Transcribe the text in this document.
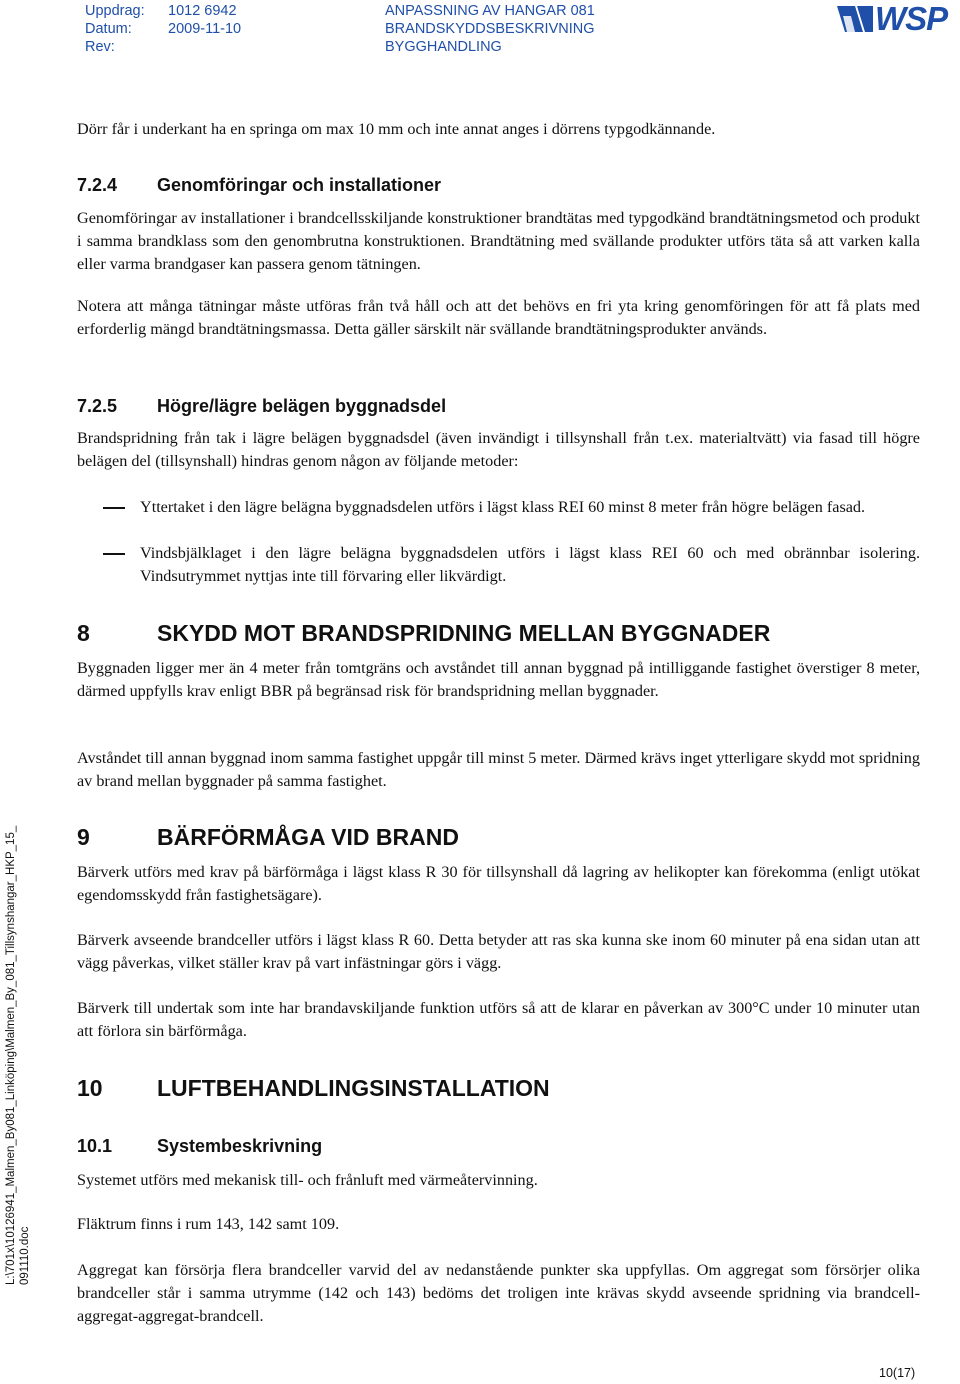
Uppdrag:
Datum:
Rev:
1012 6942
2009-11-10
ANPASSNING AV HANGAR 081
BRANDSKYDDSBESKRIVNING
BYGGHANDLING
WSP
L:\701x\10126941_Malmen_By081_Linköping\Malmen_By_081_Tillsynshangar_HKP_15_ 091110.doc

Dörr får i underkant ha en springa om max 10 mm och inte annat anges i dörrens typgodkännande.

7.2.4 Genomföringar och installationer

Genomföringar av installationer i brandcellsskiljande konstruktioner brandtätas med typgodkänd brandtätningsmetod och produkt i samma brandklass som den genombrutna konstruktionen. Brandtätning med svällande produkter utförs täta så att varken kalla eller varma brandgaser kan passera genom tätningen.

Notera att många tätningar måste utföras från två håll och att det behövs en fri yta kring genomföringen för att få plats med erforderlig mängd brandtätningsmassa. Detta gäller särskilt när svällande brandtätningsprodukter används.

7.2.5 Högre/lägre belägen byggnadsdel

Brandspridning från tak i lägre belägen byggnadsdel (även invändigt i tillsynshall från t.ex. materialtvätt) via fasad till högre belägen del (tillsynshall) hindras genom någon av följande metoder:

Yttertaket i den lägre belägna byggnadsdelen utförs i lägst klass REI 60 minst 8 meter från högre belägen fasad.
Vindsbjälklaget i den lägre belägna byggnadsdelen utförs i lägst klass REI 60 och med obrännbar isolering. Vindsutrymmet nyttjas inte till förvaring eller likvärdigt.
8	SKYDD MOT BRANDSPRIDNING MELLAN BYGGNADER

Byggnaden ligger mer än 4 meter från tomtgräns och avståndet till annan byggnad på intilliggande fastighet överstiger 8 meter, därmed uppfylls krav enligt BBR på begränsad risk för brandspridning mellan byggnader.

Avståndet till annan byggnad inom samma fastighet uppgår till minst 5 meter. Därmed krävs inget ytterligare skydd mot spridning av brand mellan byggnader på samma fastighet.

9	BÄRFÖRMÅGA VID BRAND

Bärverk utförs med krav på bärförmåga i lägst klass R 30 för tillsynshall då lagring av helikopter kan förekomma (enligt utökat egendomsskydd från fastighetsägare).

Bärverk avseende brandceller utförs i lägst klass R 60. Detta betyder att ras ska kunna ske inom 60 minuter på ena sidan utan att vägg påverkas, vilket ställer krav på vart infästningar görs i vägg.

Bärverk till undertak som inte har brandavskiljande funktion utförs så att de klarar en påverkan av 300°C under 10 minuter utan att förlora sin bärförmåga.

10 LUFTBEHANDLINGSINSTALLATION
10.1 Systembeskrivning

Systemet utförs med mekanisk till- och frånluft med värmeåtervinning.

Fläktrum finns i rum 143, 142 samt 109.

Aggregat kan försörja flera brandceller varvid del av nedanstående punkter ska uppfyllas. Om aggregat som försörjer olika brandceller står i samma utrymme (142 och 143) bedöms det troligen inte krävas skydd avseende spridning via brandcell-aggregat-aggregat-brandcell.

10(17)
